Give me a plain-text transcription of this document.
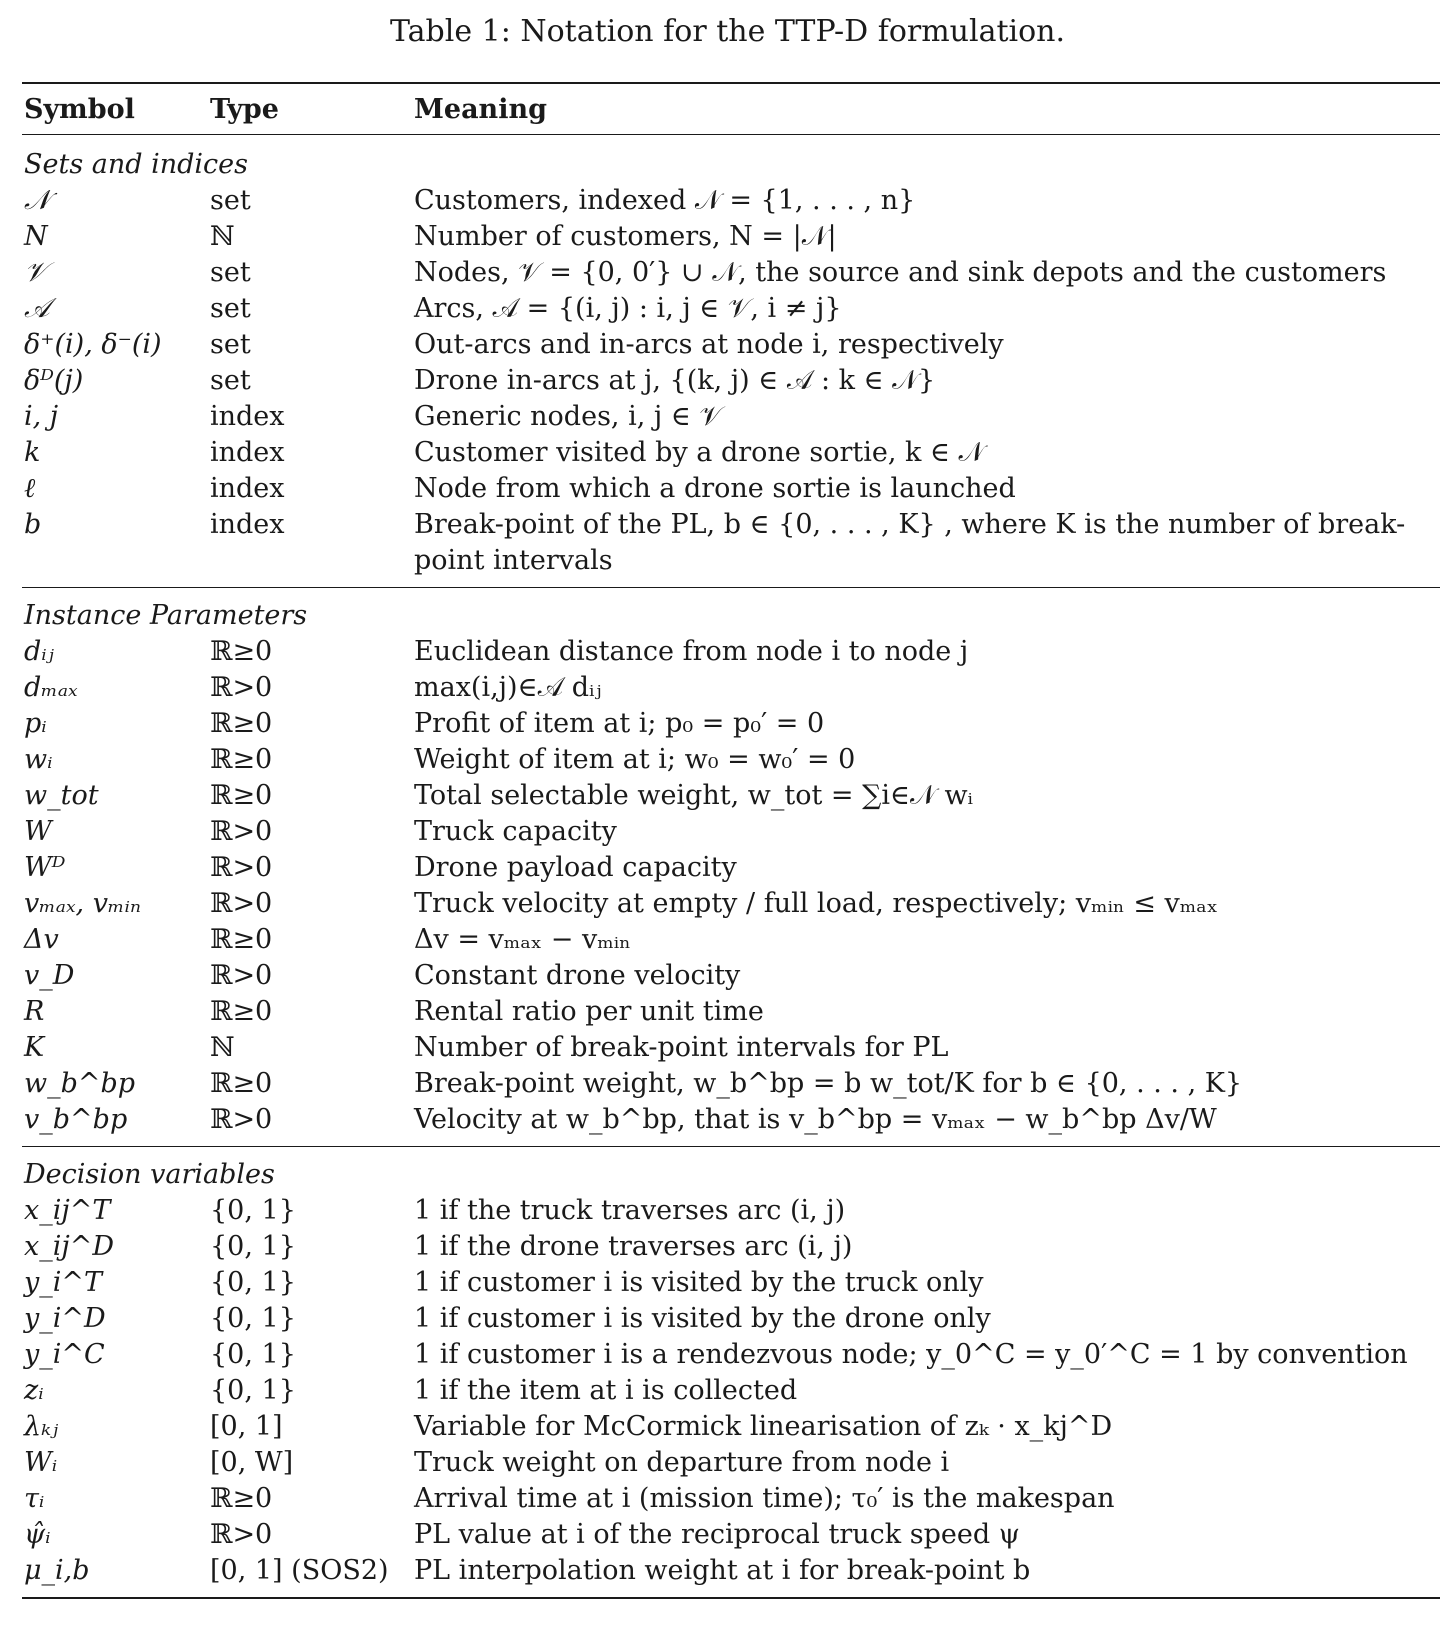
Table 1: Notation for the TTP-D formulation.
Symbol	Type	Meaning
Sets and indices		
𝒩	set	Customers, indexed 𝒩 = {1, . . . , n}
N	ℕ	Number of customers, N = |𝒩|
𝒱	set	Nodes, 𝒱 = {0, 0′} ∪ 𝒩, the source and sink depots and the customers
𝒜	set	Arcs, 𝒜 = {(i, j) : i, j ∈ 𝒱, i ≠ j}
δ⁺(i), δ⁻(i)	set	Out-arcs and in-arcs at node i, respectively
δᴰ(j)	set	Drone in-arcs at j, {(k, j) ∈ 𝒜 : k ∈ 𝒩}
i, j	index	Generic nodes, i, j ∈ 𝒱
k	index	Customer visited by a drone sortie, k ∈ 𝒩
ℓ	index	Node from which a drone sortie is launched
b	index	Break-point of the PL, b ∈ {0, . . . , K} , where K is the number of break-point intervals
Instance Parameters		
dᵢⱼ	ℝ≥0	Euclidean distance from node i to node j
dₘₐₓ	ℝ>0	max(i,j)∈𝒜 dᵢⱼ
pᵢ	ℝ≥0	Profit of item at i; p₀ = p₀′ = 0
wᵢ	ℝ≥0	Weight of item at i; w₀ = w₀′ = 0
w_tot	ℝ≥0	Total selectable weight, w_tot = ∑i∈𝒩 wᵢ
W	ℝ>0	Truck capacity
Wᴰ	ℝ>0	Drone payload capacity
vₘₐₓ, vₘᵢₙ	ℝ>0	Truck velocity at empty / full load, respectively; vₘᵢₙ ≤ vₘₐₓ
Δv	ℝ≥0	Δv = vₘₐₓ − vₘᵢₙ
v_D	ℝ>0	Constant drone velocity
R	ℝ≥0	Rental ratio per unit time
K	ℕ	Number of break-point intervals for PL
w_b^bp	ℝ≥0	Break-point weight, w_b^bp = b w_tot/K for b ∈ {0, . . . , K}
v_b^bp	ℝ>0	Velocity at w_b^bp, that is v_b^bp = vₘₐₓ − w_b^bp Δv/W
Decision variables		
x_ij^T	{0, 1}	1 if the truck traverses arc (i, j)
x_ij^D	{0, 1}	1 if the drone traverses arc (i, j)
y_i^T	{0, 1}	1 if customer i is visited by the truck only
y_i^D	{0, 1}	1 if customer i is visited by the drone only
y_i^C	{0, 1}	1 if customer i is a rendezvous node; y_0^C = y_0′^C = 1 by convention
zᵢ	{0, 1}	1 if the item at i is collected
λₖⱼ	[0, 1]	Variable for McCormick linearisation of zₖ · x_kj^D
Wᵢ	[0, W]	Truck weight on departure from node i
τᵢ	ℝ≥0	Arrival time at i (mission time); τ₀′ is the makespan
ψ̂ᵢ	ℝ>0	PL value at i of the reciprocal truck speed ψ
μ_i,b	[0, 1] (SOS2)	PL interpolation weight at i for break-point b
